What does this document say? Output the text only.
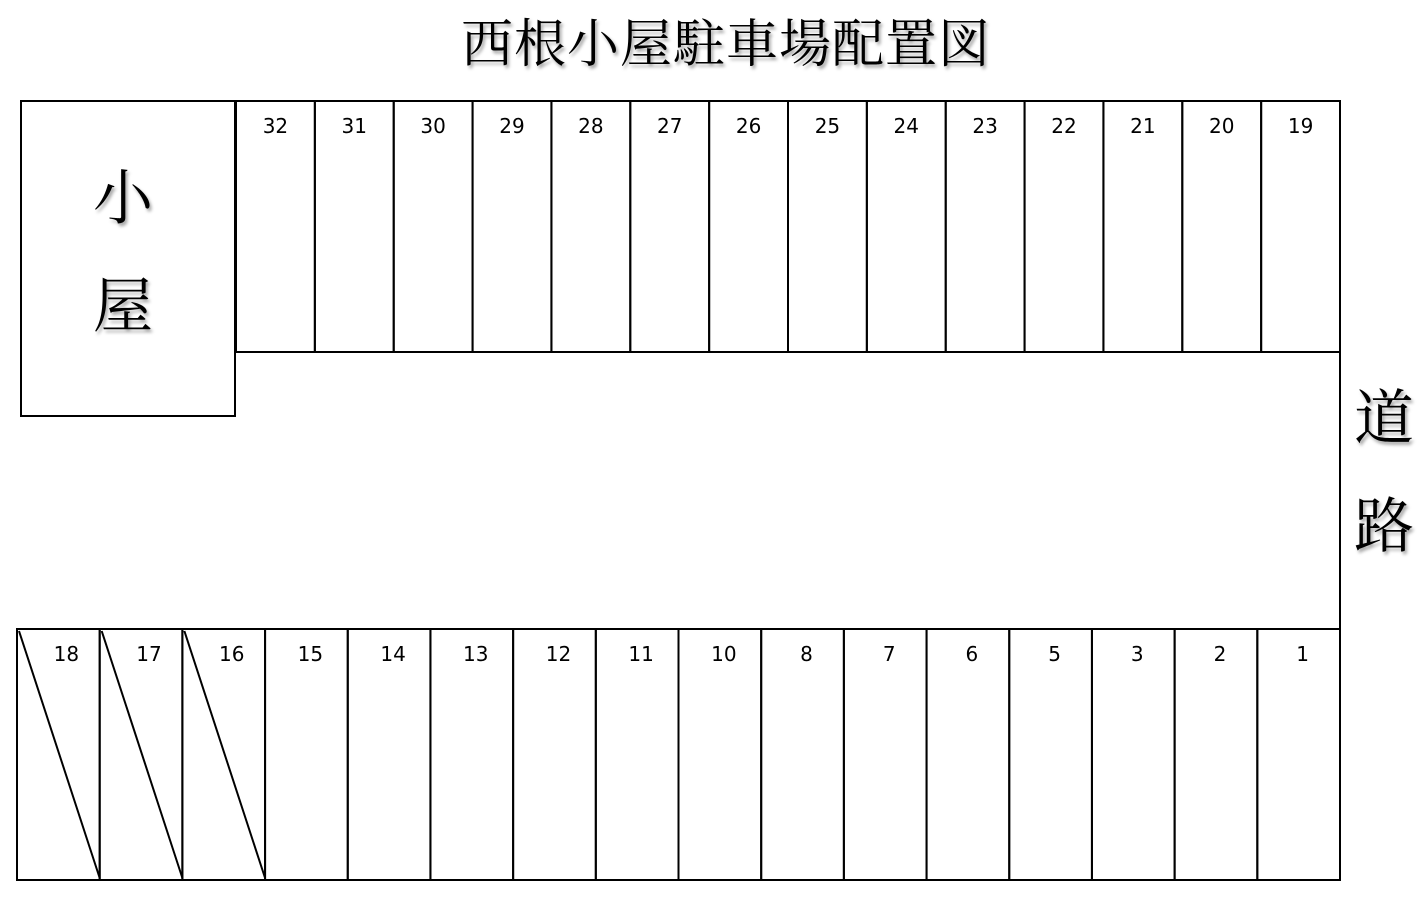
西根小屋駐車場配置図
小
屋
道
路
32	31	30	29	28	27	26	25	24	23	22	21	20	19
18	17	16	15	14	13	12	11	10	8	7	6	5	3	2	1
